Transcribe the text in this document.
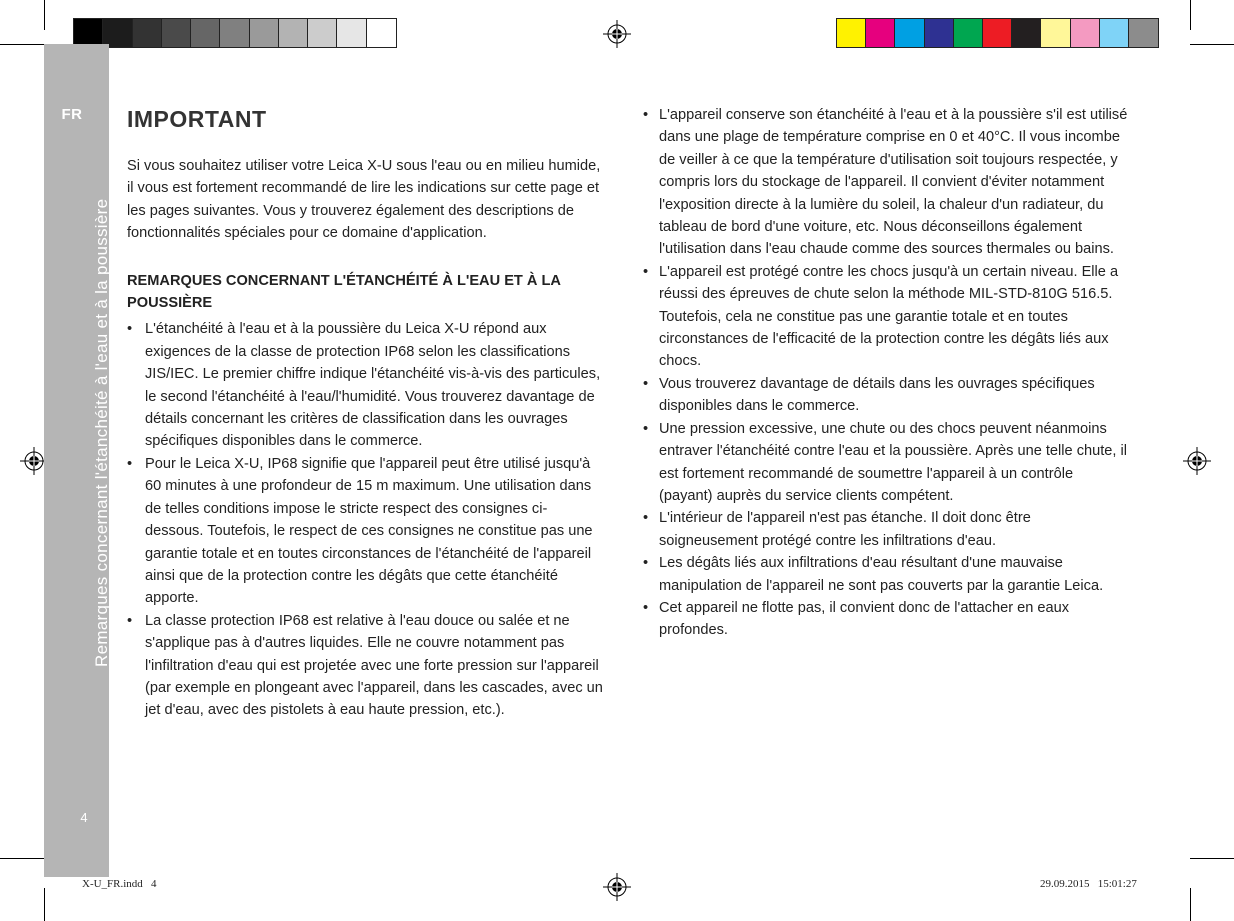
FR
Remarques concernant l'étanchéité à l'eau et à la poussière
4
IMPORTANT

Si vous souhaitez utiliser votre Leica X-U sous l'eau ou en milieu humide, il vous est fortement recommandé de lire les indications sur cette page et les pages suivantes. Vous y trouverez également des descriptions de fonctionnalités spéciales pour ce domaine d'application.

REMARQUES CONCERNANT L'ÉTANCHÉITÉ À L'EAU ET À LA POUSSIÈRE
• L'étanchéité à l'eau et à la poussière du Leica X-U répond aux exigences de la classe de protection IP68 selon les classifications JIS/IEC. Le premier chiffre indique l'étanchéité vis-à-vis des particules, le second l'étanchéité à l'eau/l'humidité. Vous trouverez davantage de détails concernant les critères de classification dans les ouvrages spécifiques disponibles dans le commerce.
• Pour le Leica X-U, IP68 signifie que l'appareil peut être utilisé jusqu'à 60 minutes à une profondeur de 15 m maximum. Une utilisation dans de telles conditions impose le stricte respect des consignes ci-dessous. Toutefois, le respect de ces consignes ne constitue pas une garantie totale et en toutes circonstances de l'étanchéité de l'appareil ainsi que de la protection contre les dégâts que cette étanchéité apporte.
• La classe protection IP68 est relative à l'eau douce ou salée et ne s'applique pas à d'autres liquides. Elle ne couvre notamment pas l'infiltration d'eau qui est projetée avec une forte pression sur l'appareil (par exemple en plongeant avec l'appareil, dans les cascades, avec un jet d'eau, avec des pistolets à eau haute pression, etc.).
• L'appareil conserve son étanchéité à l'eau et à la poussière s'il est utilisé dans une plage de température comprise en 0 et 40°C. Il vous incombe de veiller à ce que la température d'utilisation soit toujours respectée, y compris lors du stockage de l'appareil. Il convient d'éviter notamment l'exposition directe à la lumière du soleil, la chaleur d'un radiateur, du tableau de bord d'une voiture, etc. Nous déconseillons également l'utilisation dans l'eau chaude comme des sources thermales ou bains.
• L'appareil est protégé contre les chocs jusqu'à un certain niveau. Elle a réussi des épreuves de chute selon la méthode MIL-STD-810G 516.5. Toutefois, cela ne constitue pas une garantie totale et en toutes circonstances de l'efficacité de la protection contre les dégâts liés aux chocs.
• Vous trouverez davantage de détails dans les ouvrages spécifiques disponibles dans le commerce.
• Une pression excessive, une chute ou des chocs peuvent néanmoins entraver l'étanchéité contre l'eau et la poussière. Après une telle chute, il est fortement recommandé de soumettre l'appareil à un contrôle (payant) auprès du service clients compétent.
• L'intérieur de l'appareil n'est pas étanche. Il doit donc être soigneusement protégé contre les infiltrations d'eau.
• Les dégâts liés aux infiltrations d'eau résultant d'une mauvaise manipulation de l'appareil ne sont pas couverts par la garantie Leica.
• Cet appareil ne flotte pas, il convient donc de l'attacher en eaux profondes.
X-U_FR.indd   4	29.09.2015   15:01:27
